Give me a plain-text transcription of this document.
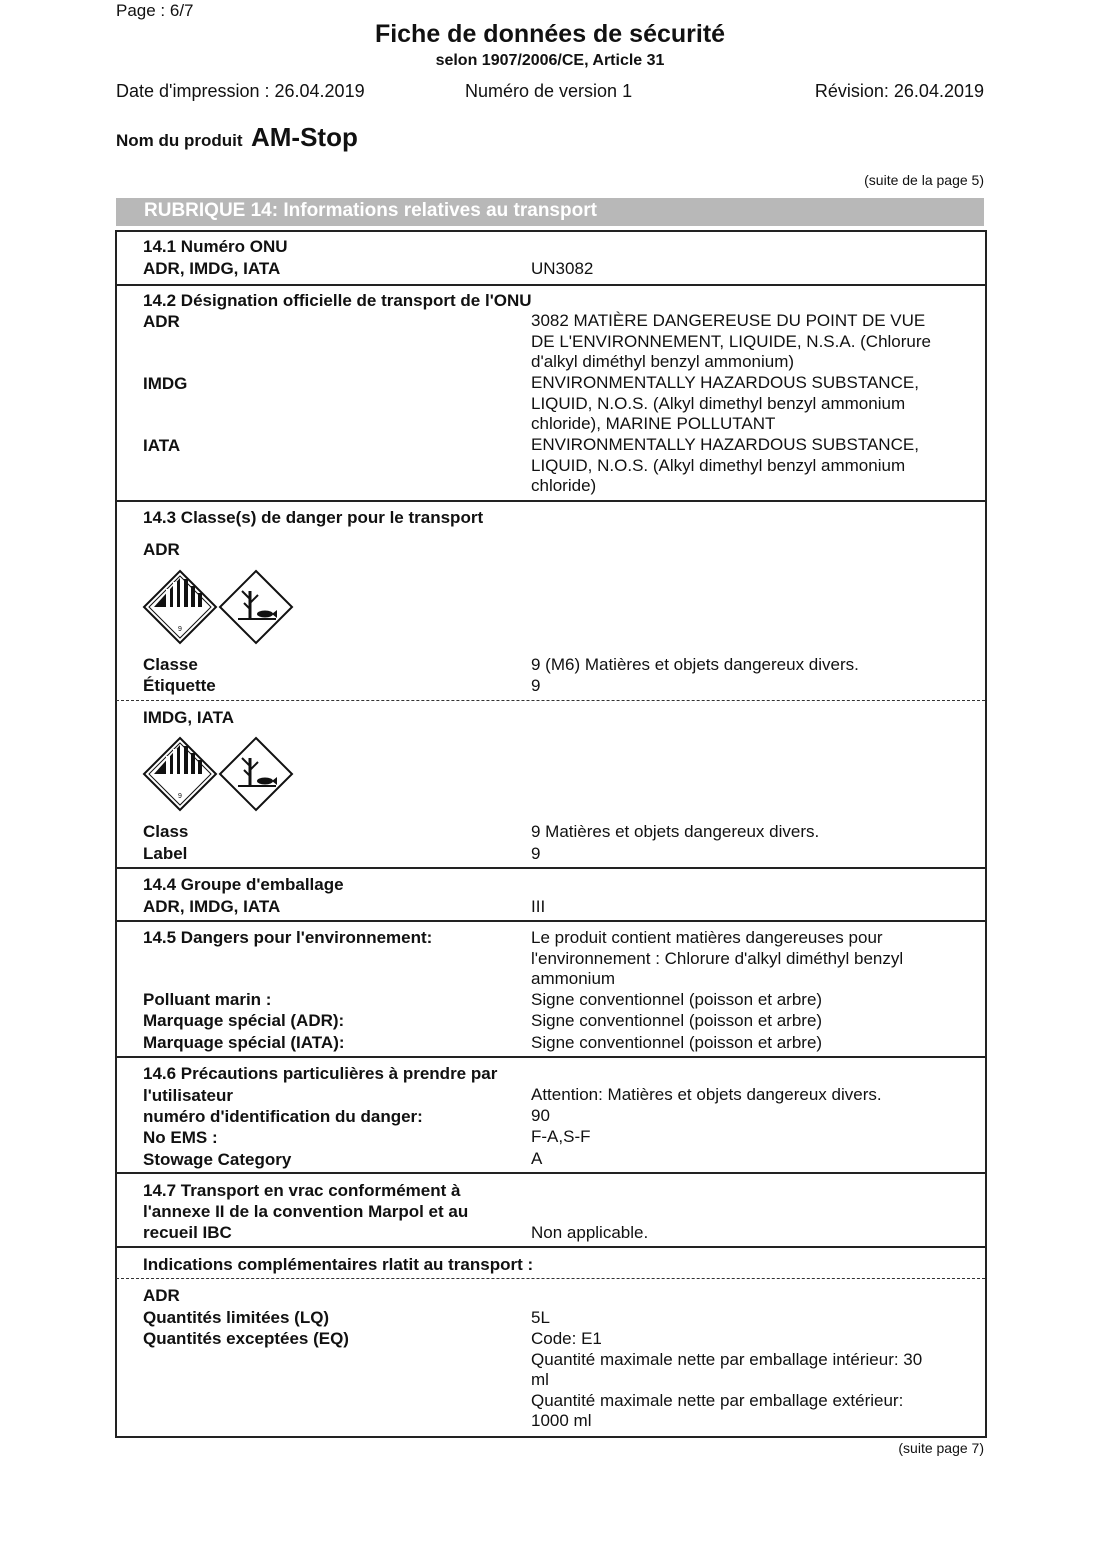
Page : 6/7
Fiche de données de sécurité
selon 1907/2006/CE, Article 31
Date d'impression : 26.04.2019	Numéro de version 1	Révision: 26.04.2019
Nom du produit AM-Stop
(suite de la page 5)
RUBRIQUE 14: Informations relatives au transport
14.1 Numéro ONU
ADR, IMDG, IATA	UN3082
14.2 Désignation officielle de transport de l'ONU
ADR	3082 MATIÈRE DANGEREUSE DU POINT DE VUE
DE L'ENVIRONNEMENT, LIQUIDE, N.S.A. (Chlorure
d'alkyl diméthyl benzyl ammonium)
IMDG	ENVIRONMENTALLY HAZARDOUS SUBSTANCE,
LIQUID, N.O.S. (Alkyl dimethyl benzyl ammonium
chloride), MARINE POLLUTANT
IATA	ENVIRONMENTALLY HAZARDOUS SUBSTANCE,
LIQUID, N.O.S. (Alkyl dimethyl benzyl ammonium
chloride)
14.3 Classe(s) de danger pour le transport
ADR
9
Classe	9 (M6) Matières et objets dangereux divers.
Étiquette	9
IMDG, IATA
9
Class	9 Matières et objets dangereux divers.
Label	9
14.4 Groupe d'emballage
ADR, IMDG, IATA	III
14.5 Dangers pour l'environnement:	Le produit contient matières dangereuses pour
l'environnement : Chlorure d'alkyl diméthyl benzyl
ammonium
Polluant marin :	Signe conventionnel (poisson et arbre)
Marquage spécial (ADR):	Signe conventionnel (poisson et arbre)
Marquage spécial (IATA):	Signe conventionnel (poisson et arbre)
14.6 Précautions particulières à prendre par
l'utilisateur	Attention: Matières et objets dangereux divers.
numéro d'identification du danger:	90
No EMS :	F-A,S-F
Stowage Category	A
14.7 Transport en vrac conformément à
l'annexe II de la convention Marpol et au
recueil IBC	Non applicable.
Indications complémentaires rlatit au transport :
ADR
Quantités limitées (LQ)	5L
Quantités exceptées (EQ)	Code: E1
Quantité maximale nette par emballage intérieur: 30
ml
Quantité maximale nette par emballage extérieur:
1000 ml
(suite page 7)
